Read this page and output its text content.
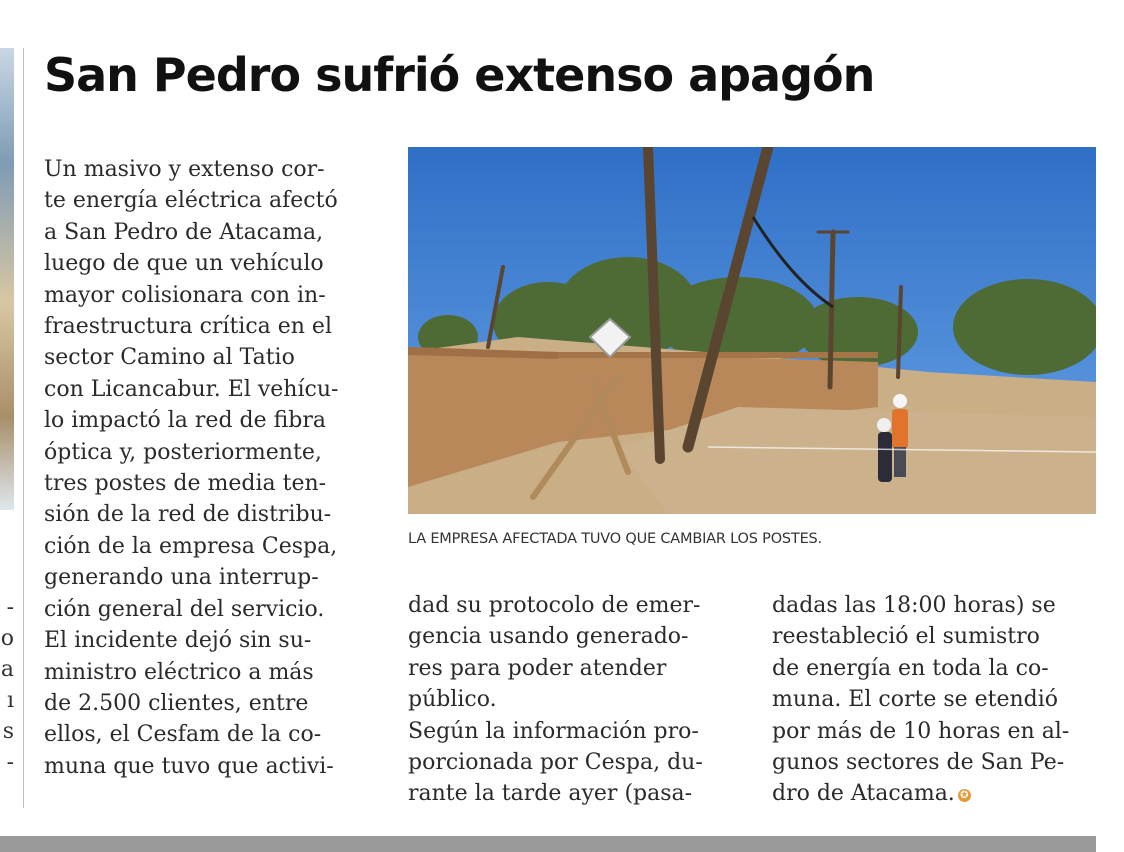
-
o
a
ı
s
-
San Pedro sufrió extenso apagón

Un masivo y extenso cor-

te energía eléctrica afectó

a San Pedro de Atacama,

luego de que un vehículo

mayor colisionara con in-

fraestructura crítica en el

sector Camino al Tatio

con Licancabur. El vehícu-

lo impactó la red de fibra

óptica y, posteriormente,

tres postes de media ten-

sión de la red de distribu-

ción de la empresa Cespa,

generando una interrup-

ción general del servicio.

El incidente dejó sin su-

ministro eléctrico a más

de 2.500 clientes, entre

ellos, el Cesfam de la co-

muna que tuvo que activi-

LA EMPRESA AFECTADA TUVO QUE CAMBIAR LOS POSTES.

dad su protocolo de emer-

gencia usando generado-

res para poder atender

público.

Según la información pro-

porcionada por Cespa, du-

rante la tarde ayer (pasa-

dadas las 18:00 horas) se

reestableció el sumistro

de energía en toda la co-

muna. El corte se etendió

por más de 10 horas en al-

gunos sectores de San Pe-

dro de Atacama. ✪
